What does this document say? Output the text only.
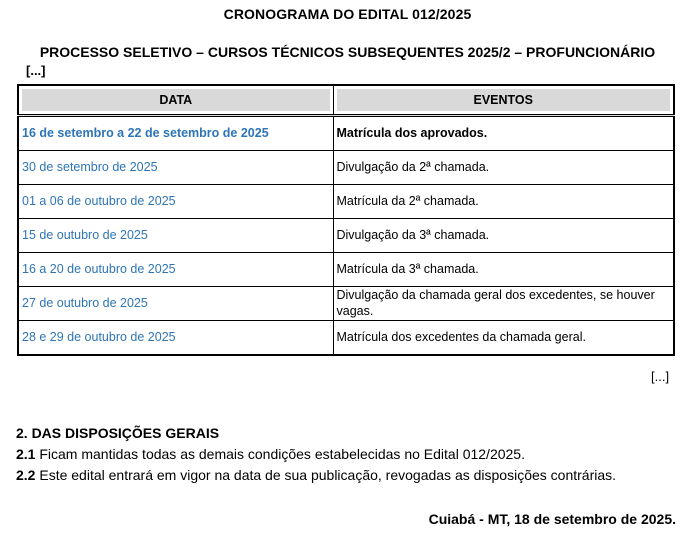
CRONOGRAMA DO EDITAL 012/2025
PROCESSO SELETIVO – CURSOS TÉCNICOS SUBSEQUENTES 2025/2 – PROFUNCIONÁRIO
[...]
DATA	EVENTOS
16 de setembro a 22 de setembro de 2025	Matrícula dos aprovados.
30 de setembro de 2025	Divulgação da 2ª chamada.
01 a 06 de outubro de 2025	Matrícula da 2ª chamada.
15 de outubro de 2025	Divulgação da 3ª chamada.
16 a 20 de outubro de 2025	Matrícula da 3ª chamada.
27 de outubro de 2025	Divulgação da chamada geral dos excedentes, se houver vagas.
28 e 29 de outubro de 2025	Matrícula dos excedentes da chamada geral.
[...]
2. DAS DISPOSIÇÕES GERAIS
2.1 Ficam mantidas todas as demais condições estabelecidas no Edital 012/2025.
2.2 Este edital entrará em vigor na data de sua publicação, revogadas as disposições contrárias.
Cuiabá - MT, 18 de setembro de 2025.
